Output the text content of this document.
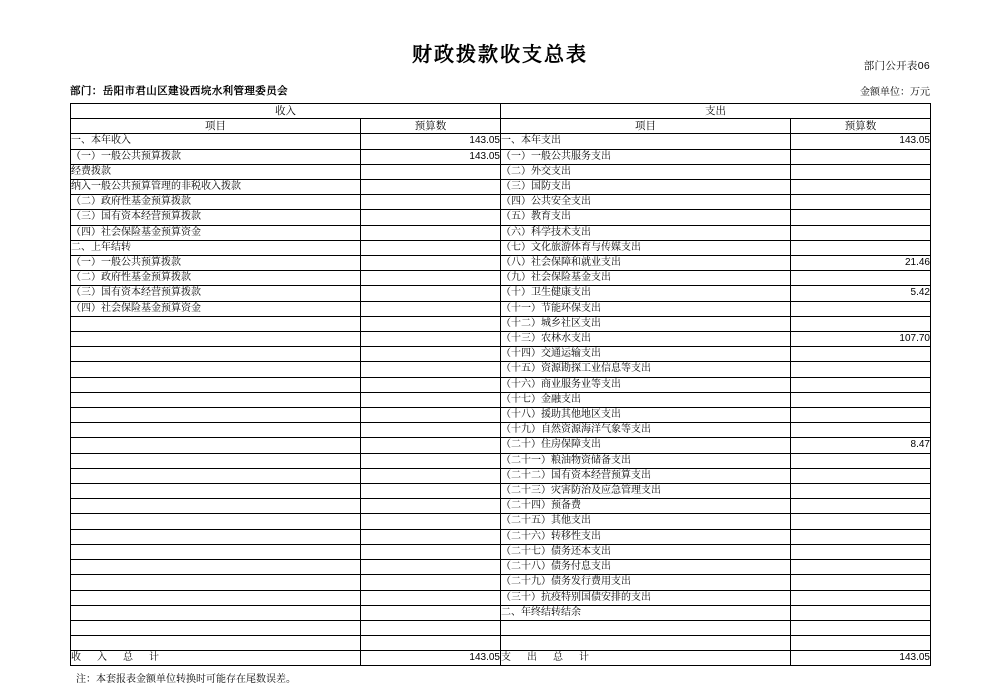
部门公开表06
财政拨款收支总表
部门：岳阳市君山区建设西垸水利管理委员会	金额单位：万元
收入		支出	
项目	预算数	项目	预算数
一、本年收入	143.05	一、本年支出	143.05
（一）一般公共预算拨款	143.05	（一）一般公共服务支出	
经费拨款		（二）外交支出	
纳入一般公共预算管理的非税收入拨款		（三）国防支出	
（二）政府性基金预算拨款		（四）公共安全支出	
（三）国有资本经营预算拨款		（五）教育支出	
（四）社会保险基金预算资金		（六）科学技术支出	
二、上年结转		（七）文化旅游体育与传媒支出	
（一）一般公共预算拨款		（八）社会保障和就业支出	21.46
（二）政府性基金预算拨款		（九）社会保险基金支出	
（三）国有资本经营预算拨款		（十）卫生健康支出	5.42
（四）社会保险基金预算资金		（十一）节能环保支出	
		（十二）城乡社区支出	
		（十三）农林水支出	107.70
		（十四）交通运输支出	
		（十五）资源勘探工业信息等支出	
		（十六）商业服务业等支出	
		（十七）金融支出	
		（十八）援助其他地区支出	
		（十九）自然资源海洋气象等支出	
		（二十）住房保障支出	8.47
		（二十一）粮油物资储备支出	
		（二十二）国有资本经营预算支出	
		（二十三）灾害防治及应急管理支出	
		（二十四）预备费	
		（二十五）其他支出	
		（二十六）转移性支出	
		（二十七）债务还本支出	
		（二十八）债务付息支出	
		（二十九）债务发行费用支出	
		（三十）抗疫特别国债安排的支出	
		二、年终结转结余	

收　入　总　计	143.05	支　出　总　计	143.05
注：本套报表金额单位转换时可能存在尾数误差。
